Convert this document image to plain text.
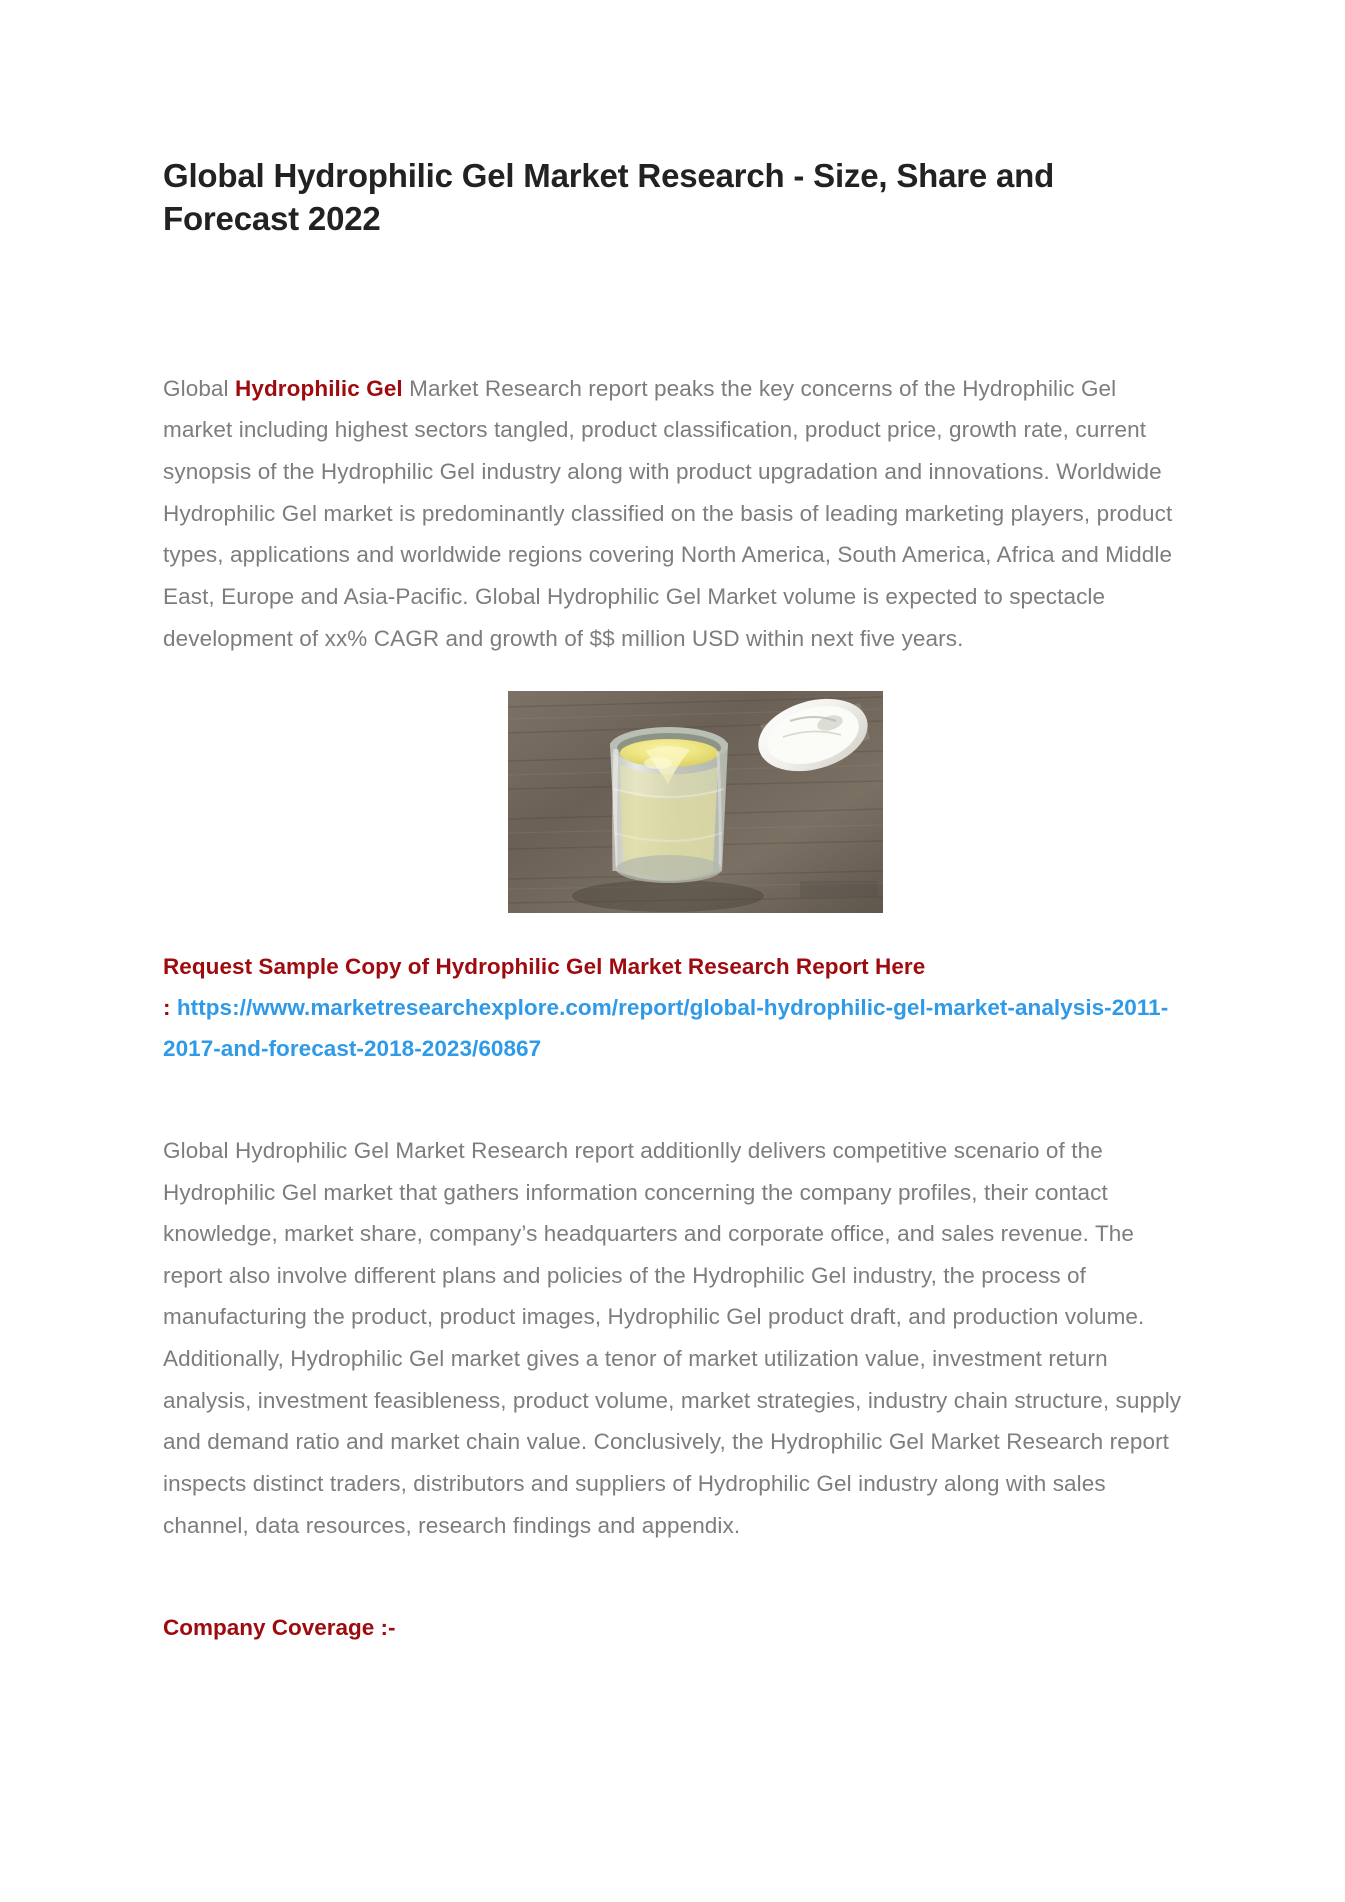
Global Hydrophilic Gel Market Research - Size, Share and Forecast 2022

Global Hydrophilic Gel Market Research report peaks the key concerns of the Hydrophilic Gel market including highest sectors tangled, product classification, product price, growth rate, current synopsis of the Hydrophilic Gel industry along with product upgradation and innovations. Worldwide Hydrophilic Gel market is predominantly classified on the basis of leading marketing players, product types, applications and worldwide regions covering North America, South America, Africa and Middle East, Europe and Asia-Pacific. Global Hydrophilic Gel Market volume is expected to spectacle development of xx% CAGR and growth of $$ million USD within next five years.

Request Sample Copy of Hydrophilic Gel Market Research Report Here
: https://www.marketresearchexplore.com/report/global-hydrophilic-gel-market-analysis-2011-2017-and-forecast-2018-2023/60867

Global Hydrophilic Gel Market Research report additionlly delivers competitive scenario of the Hydrophilic Gel market that gathers information concerning the company profiles, their contact knowledge, market share, company’s headquarters and corporate office, and sales revenue. The report also involve different plans and policies of the Hydrophilic Gel industry, the process of manufacturing the product, product images, Hydrophilic Gel product draft, and production volume. Additionally, Hydrophilic Gel market gives a tenor of market utilization value, investment return analysis, investment feasibleness, product volume, market strategies, industry chain structure, supply and demand ratio and market chain value. Conclusively, the Hydrophilic Gel Market Research report inspects distinct traders, distributors and suppliers of Hydrophilic Gel industry along with sales channel, data resources, research findings and appendix.

Company Coverage :-
